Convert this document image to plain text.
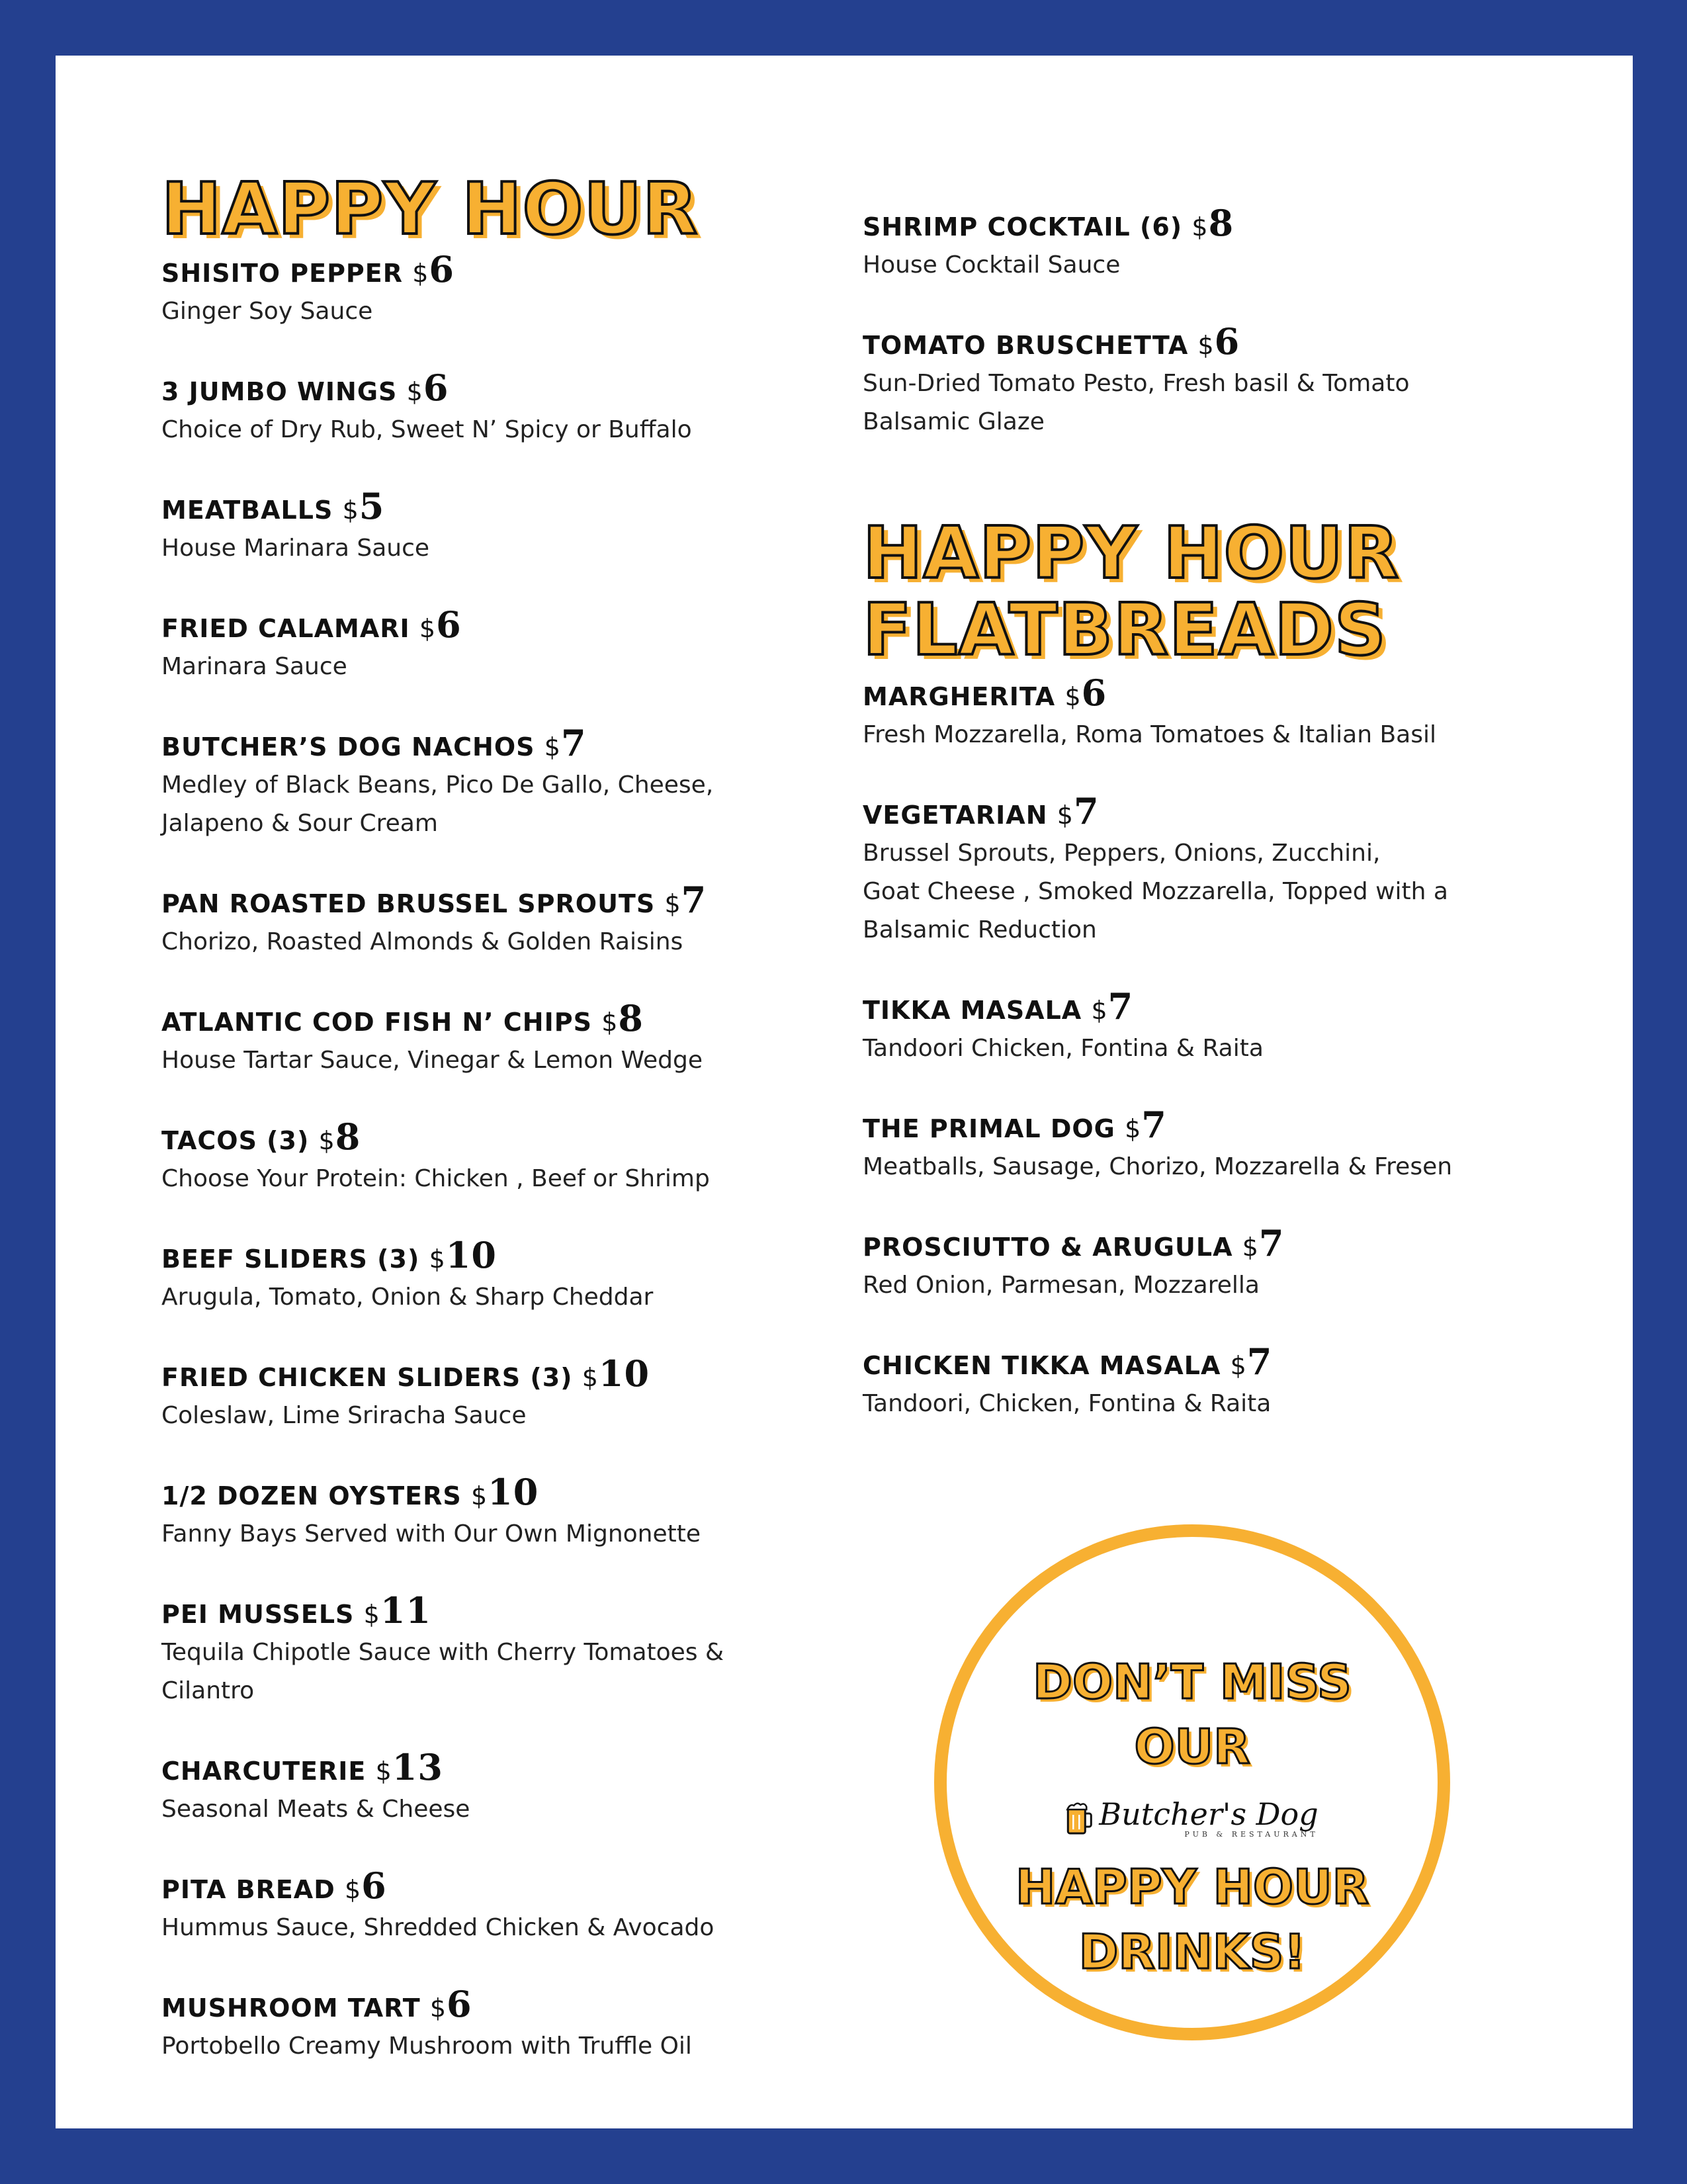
HAPPY HOUR
SHISITO PEPPER $6
Ginger Soy Sauce
3 JUMBO WINGS $6
Choice of Dry Rub, Sweet N’ Spicy or Buffalo
MEATBALLS $5
House Marinara Sauce
FRIED CALAMARI $6
Marinara Sauce
BUTCHER’S DOG NACHOS $7
Medley of Black Beans, Pico De Gallo, Cheese,
Jalapeno & Sour Cream
PAN ROASTED BRUSSEL SPROUTS $7
Chorizo, Roasted Almonds & Golden Raisins
ATLANTIC COD FISH N’ CHIPS $8
House Tartar Sauce, Vinegar & Lemon Wedge
TACOS (3) $8
Choose Your Protein: Chicken , Beef or Shrimp
BEEF SLIDERS (3) $10
Arugula, Tomato, Onion & Sharp Cheddar
FRIED CHICKEN SLIDERS (3) $10
Coleslaw, Lime Sriracha Sauce
1/2 DOZEN OYSTERS $10
Fanny Bays Served with Our Own Mignonette
PEI MUSSELS $11
Tequila Chipotle Sauce with Cherry Tomatoes &
Cilantro
CHARCUTERIE $13
Seasonal Meats & Cheese
PITA BREAD $6
Hummus Sauce, Shredded Chicken & Avocado
MUSHROOM TART $6
Portobello Creamy Mushroom with Truffle Oil
SHRIMP COCKTAIL (6) $8
House Cocktail Sauce
TOMATO BRUSCHETTA $6
Sun-Dried Tomato Pesto, Fresh basil & Tomato
Balsamic Glaze
HAPPY HOUR
FLATBREADS
MARGHERITA $6
Fresh Mozzarella, Roma Tomatoes & Italian Basil
VEGETARIAN $7
Brussel Sprouts, Peppers, Onions, Zucchini,
Goat Cheese , Smoked Mozzarella, Topped with a
Balsamic Reduction
TIKKA MASALA $7
Tandoori Chicken, Fontina & Raita
THE PRIMAL DOG $7
Meatballs, Sausage, Chorizo, Mozzarella & Fresen
PROSCIUTTO & ARUGULA $7
Red Onion, Parmesan, Mozzarella
CHICKEN TIKKA MASALA $7
Tandoori, Chicken, Fontina & Raita
DON’T MISS
OUR
Butcher's Dog
PUB & RESTAURANT
HAPPY HOUR
DRINKS!
